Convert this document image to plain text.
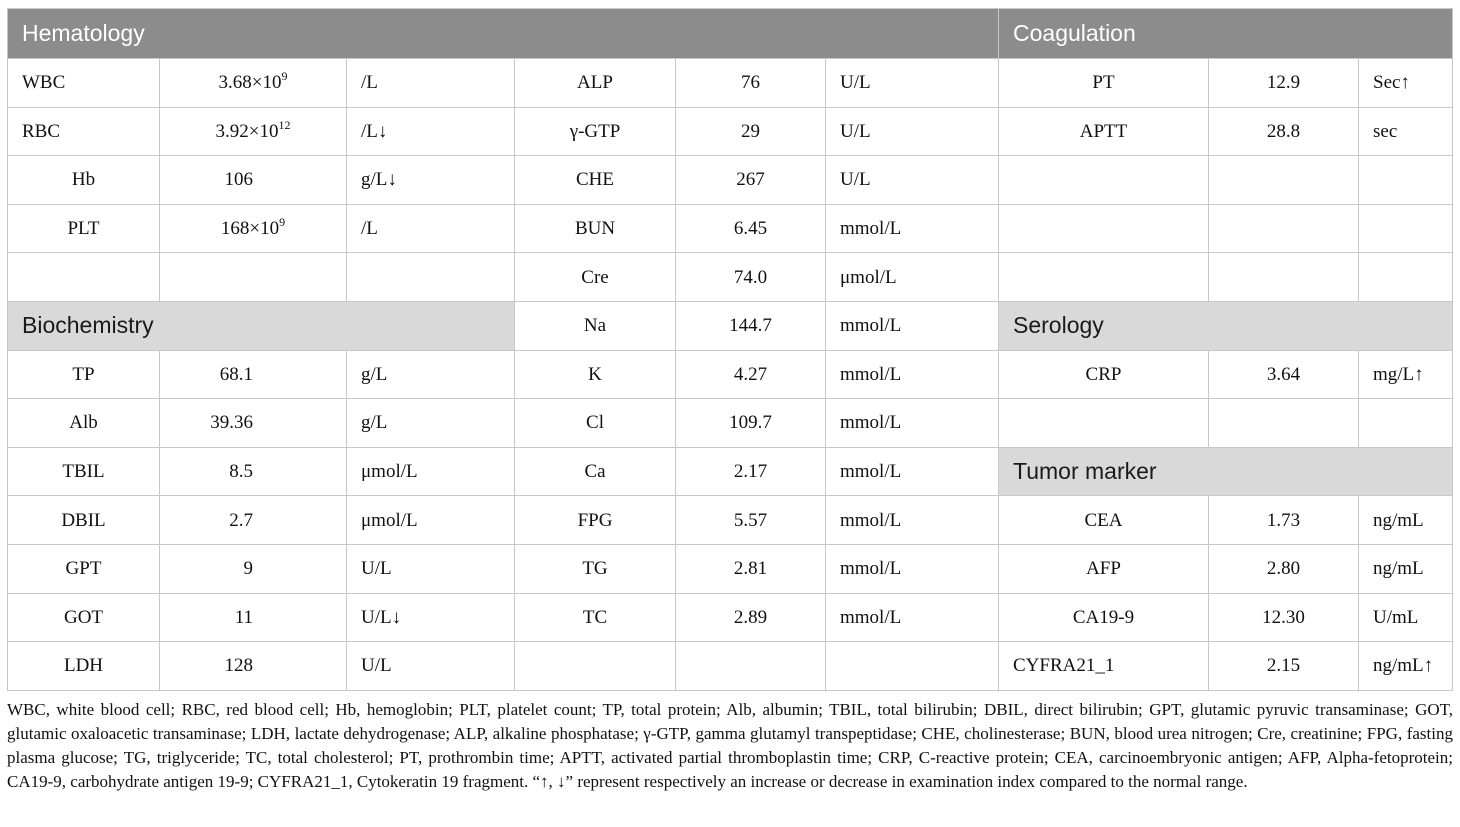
Hematology						Coagulation		
WBC	$3.68\times 10^9$	/L	ALP	76	U/L	PT	12.9	Sec↑
RBC	$3.92\times 10^{12}$	/L↓	γ-GTP	29	U/L	APTT	28.8	sec
Hb	106	g/L↓	CHE	267	U/L			
PLT	$168\times 10^9$	/L	BUN	6.45	mmol/L			
			Cre	74.0	μmol/L			
Biochemistry			Na	144.7	mmol/L	Serology		
TP	68.1	g/L	K	4.27	mmol/L	CRP	3.64	mg/L↑
Alb	39.36	g/L	Cl	109.7	mmol/L			
TBIL	8.5	μmol/L	Ca	2.17	mmol/L	Tumor marker		
DBIL	2.7	μmol/L	FPG	5.57	mmol/L	CEA	1.73	ng/mL
GPT	9	U/L	TG	2.81	mmol/L	AFP	2.80	ng/mL
GOT	11	U/L↓	TC	2.89	mmol/L	CA19-9	12.30	U/mL
LDH	128	U/L				CYFRA21_1	2.15	ng/mL↑

WBC, white blood cell; RBC, red blood cell; Hb, hemoglobin; PLT, platelet count; TP, total protein; Alb, albumin; TBIL, total bilirubin; DBIL, direct bilirubin; GPT, glutamic pyruvic transaminase; GOT, glutamic oxaloacetic transaminase; LDH, lactate dehydrogenase; ALP, alkaline phosphatase; γ-GTP, gamma glutamyl transpeptidase; CHE, cholinesterase; BUN, blood urea nitrogen; Cre, creatinine; FPG, fasting plasma glucose; TG, triglyceride; TC, total cholesterol; PT, prothrombin time; APTT, activated partial thromboplastin time; CRP, C-reactive protein; CEA, carcinoembryonic antigen; AFP, Alpha-fetoprotein; CA19-9, carbohydrate antigen 19-9; CYFRA21_1, Cytokeratin 19 fragment. “↑, ↓” represent respectively an increase or decrease in examination index compared to the normal range.
